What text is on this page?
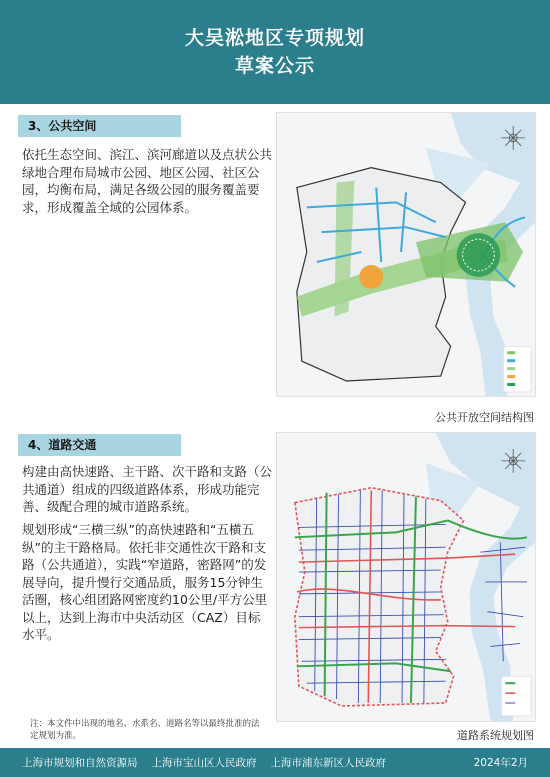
大吴淞地区专项规划
草案公示
3、公共空间
依托生态空间、滨江、滨河廊道以及点状公共绿地合理布局城市公园、地区公园、社区公园，均衡布局，满足各级公园的服务覆盖要求，形成覆盖全域的公园体系。
公共开放空间结构图
4、道路交通
构建由高快速路、主干路、次干路和支路（公共通道）组成的四级道路体系，形成功能完善、级配合理的城市道路系统。
规划形成“三横三纵”的高快速路和“五横五纵”的主干路格局。依托非交通性次干路和支路（公共通道），实践“窄道路，密路网”的发展导向，提升慢行交通品质，服务15分钟生活圈，核心组团路网密度约10公里/平方公里以上，达到上海市中央活动区（CAZ）目标水平。
道路系统规划图
注：本文件中出现的地名、水系名、道路名等以最终批准的法定规划为准。
上海市规划和自然资源局 上海市宝山区人民政府 上海市浦东新区人民政府	2024年2月
